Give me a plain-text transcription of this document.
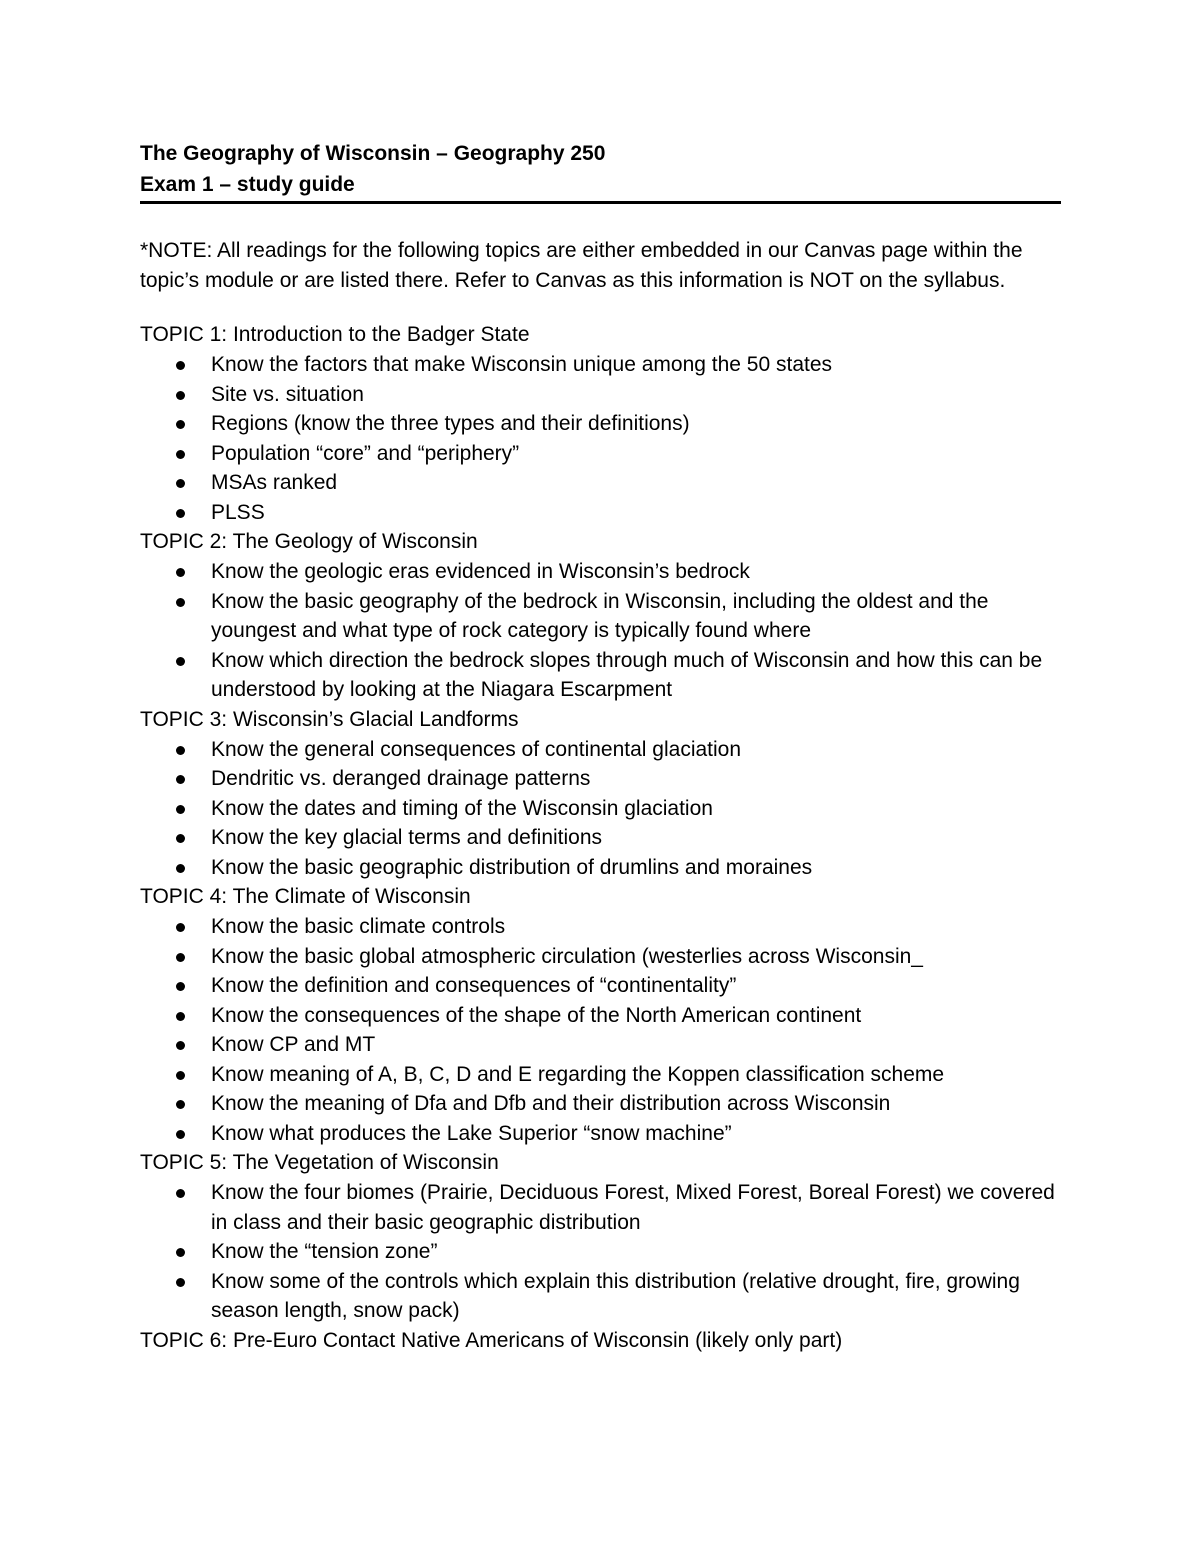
The Geography of Wisconsin – Geography 250
Exam 1 – study guide

*NOTE: All readings for the following topics are either embedded in our Canvas page within the topic’s module or are listed there. Refer to Canvas as this information is NOT on the syllabus.

TOPIC 1: Introduction to the Badger State
Know the factors that make Wisconsin unique among the 50 states
Site vs. situation
Regions (know the three types and their definitions)
Population “core” and “periphery”
MSAs ranked
PLSS
TOPIC 2: The Geology of Wisconsin
Know the geologic eras evidenced in Wisconsin’s bedrock
Know the basic geography of the bedrock in Wisconsin, including the oldest and the youngest and what type of rock category is typically found where
Know which direction the bedrock slopes through much of Wisconsin and how this can be understood by looking at the Niagara Escarpment
TOPIC 3: Wisconsin’s Glacial Landforms
Know the general consequences of continental glaciation
Dendritic vs. deranged drainage patterns
Know the dates and timing of the Wisconsin glaciation
Know the key glacial terms and definitions
Know the basic geographic distribution of drumlins and moraines
TOPIC 4: The Climate of Wisconsin
Know the basic climate controls
Know the basic global atmospheric circulation (westerlies across Wisconsin_
Know the definition and consequences of “continentality”
Know the consequences of the shape of the North American continent
Know CP and MT
Know meaning of A, B, C, D and E regarding the Koppen classification scheme
Know the meaning of Dfa and Dfb and their distribution across Wisconsin
Know what produces the Lake Superior “snow machine”
TOPIC 5: The Vegetation of Wisconsin
Know the four biomes (Prairie, Deciduous Forest, Mixed Forest, Boreal Forest) we covered in class and their basic geographic distribution
Know the “tension zone”
Know some of the controls which explain this distribution (relative drought, fire, growing season length, snow pack)
TOPIC 6: Pre-Euro Contact Native Americans of Wisconsin (likely only part)
